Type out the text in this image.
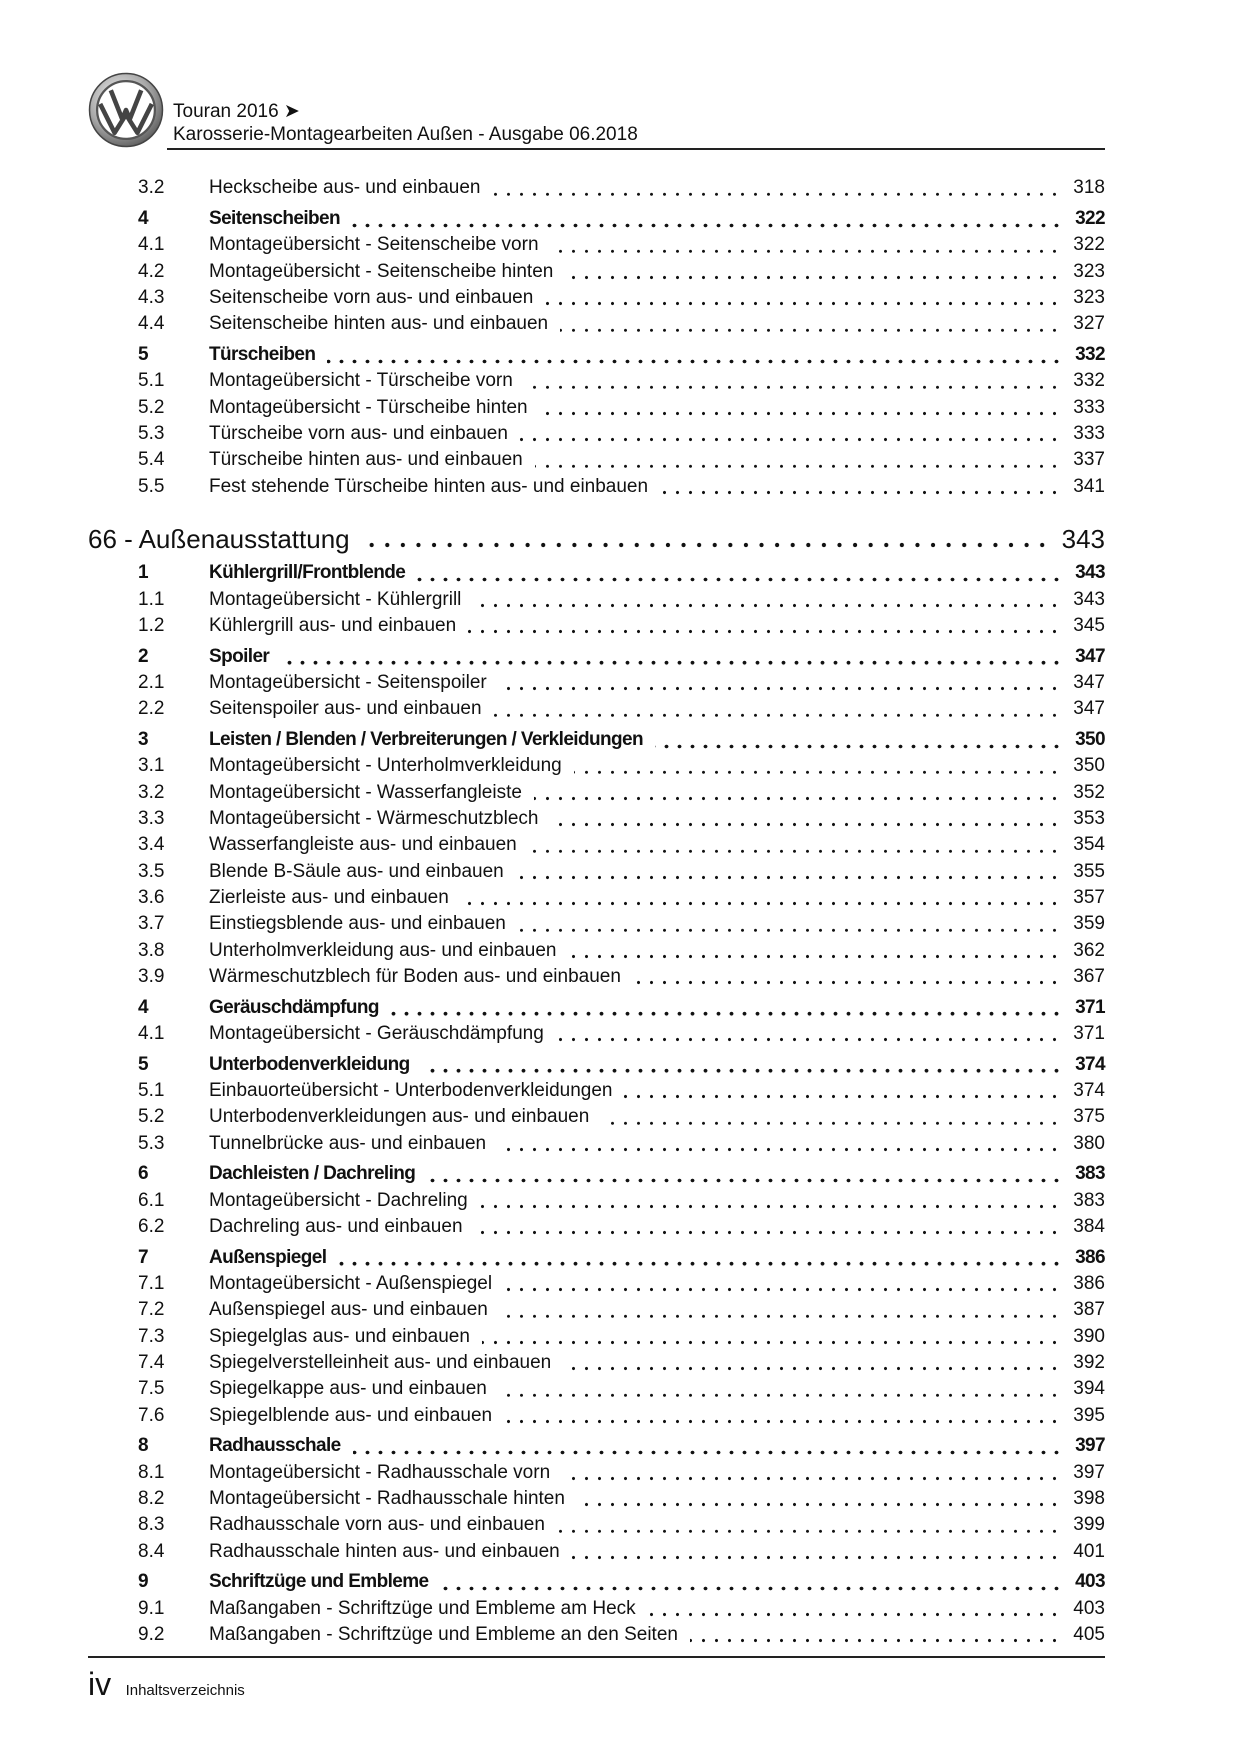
Touran 2016 ➤
Karosserie-Montagearbeiten Außen - Ausgabe 06.2018
3.2 Heckscheibe aus- und einbauen	318
4	Seitenscheiben	322
4.1 Montageübersicht - Seitenscheibe vorn	322
4.2 Montageübersicht - Seitenscheibe hinten	323
4.3 Seitenscheibe vorn aus- und einbauen	323
4.4 Seitenscheibe hinten aus- und einbauen	327
5	Türscheiben	332
5.1 Montageübersicht - Türscheibe vorn	332
5.2 Montageübersicht - Türscheibe hinten	333
5.3 Türscheibe vorn aus- und einbauen	333
5.4 Türscheibe hinten aus- und einbauen	337
5.5 Fest stehende Türscheibe hinten aus- und einbauen	341
66 - Außenausstattung	343
1	Kühlergrill/Frontblende	343
1.1 Montageübersicht - Kühlergrill	343
1.2 Kühlergrill aus- und einbauen	345
2	Spoiler	347
2.1 Montageübersicht - Seitenspoiler	347
2.2 Seitenspoiler aus- und einbauen	347
3	Leisten / Blenden / Verbreiterungen / Verkleidungen	350
3.1 Montageübersicht - Unterholmverkleidung	350
3.2 Montageübersicht - Wasserfangleiste	352
3.3 Montageübersicht - Wärmeschutzblech	353
3.4 Wasserfangleiste aus- und einbauen	354
3.5 Blende B-Säule aus- und einbauen	355
3.6 Zierleiste aus- und einbauen	357
3.7 Einstiegsblende aus- und einbauen	359
3.8 Unterholmverkleidung aus- und einbauen	362
3.9 Wärmeschutzblech für Boden aus- und einbauen	367
4	Geräuschdämpfung	371
4.1 Montageübersicht - Geräuschdämpfung	371
5	Unterbodenverkleidung	374
5.1 Einbauorteübersicht - Unterbodenverkleidungen	374
5.2 Unterbodenverkleidungen aus- und einbauen	375
5.3 Tunnelbrücke aus- und einbauen	380
6	Dachleisten / Dachreling	383
6.1 Montageübersicht - Dachreling	383
6.2 Dachreling aus- und einbauen	384
7	Außenspiegel	386
7.1 Montageübersicht - Außenspiegel	386
7.2 Außenspiegel aus- und einbauen	387
7.3 Spiegelglas aus- und einbauen	390
7.4 Spiegelverstelleinheit aus- und einbauen	392
7.5 Spiegelkappe aus- und einbauen	394
7.6 Spiegelblende aus- und einbauen	395
8	Radhausschale	397
8.1 Montageübersicht - Radhausschale vorn	397
8.2 Montageübersicht - Radhausschale hinten	398
8.3 Radhausschale vorn aus- und einbauen	399
8.4 Radhausschale hinten aus- und einbauen	401
9	Schriftzüge und Embleme	403
9.1 Maßangaben - Schriftzüge und Embleme am Heck	403
9.2 Maßangaben - Schriftzüge und Embleme an den Seiten	405
iv Inhaltsverzeichnis
